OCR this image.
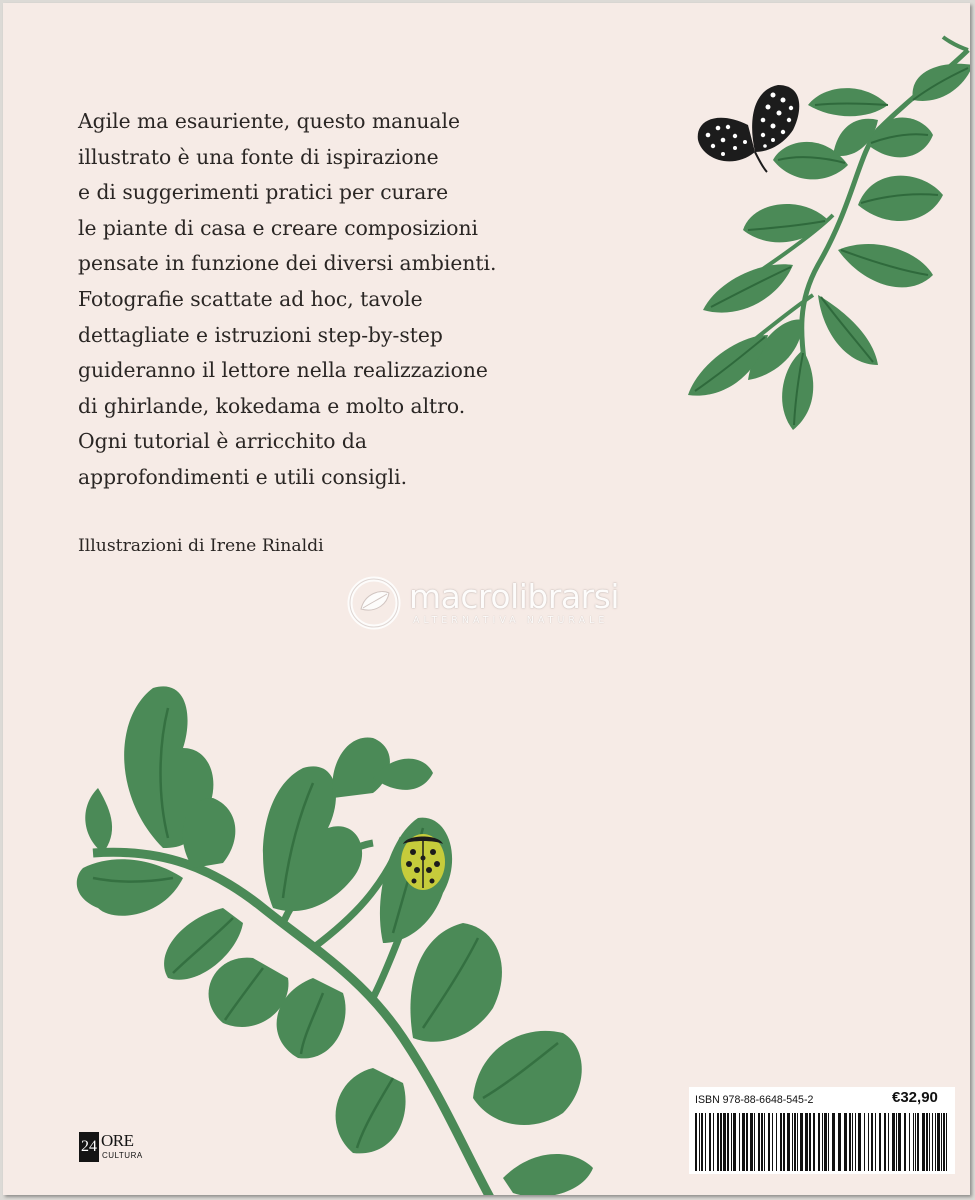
Agile ma esauriente, questo manuale
illustrato è una fonte di ispirazione
e di suggerimenti pratici per curare
le piante di casa e creare composizioni
pensate in funzione dei diversi ambienti.
Fotografie scattate ad hoc, tavole
dettagliate e istruzioni step-by-step
guideranno il lettore nella realizzazione
di ghirlande, kokedama e molto altro.
Ogni tutorial è arricchito da
approfondimenti e utili consigli.

Illustrazioni di Irene Rinaldi
macrolibrarsi
ALTERNATIVA NATURALE
24 ORE
CULTURA
ISBN 978-88-6648-545-2	€32,90
